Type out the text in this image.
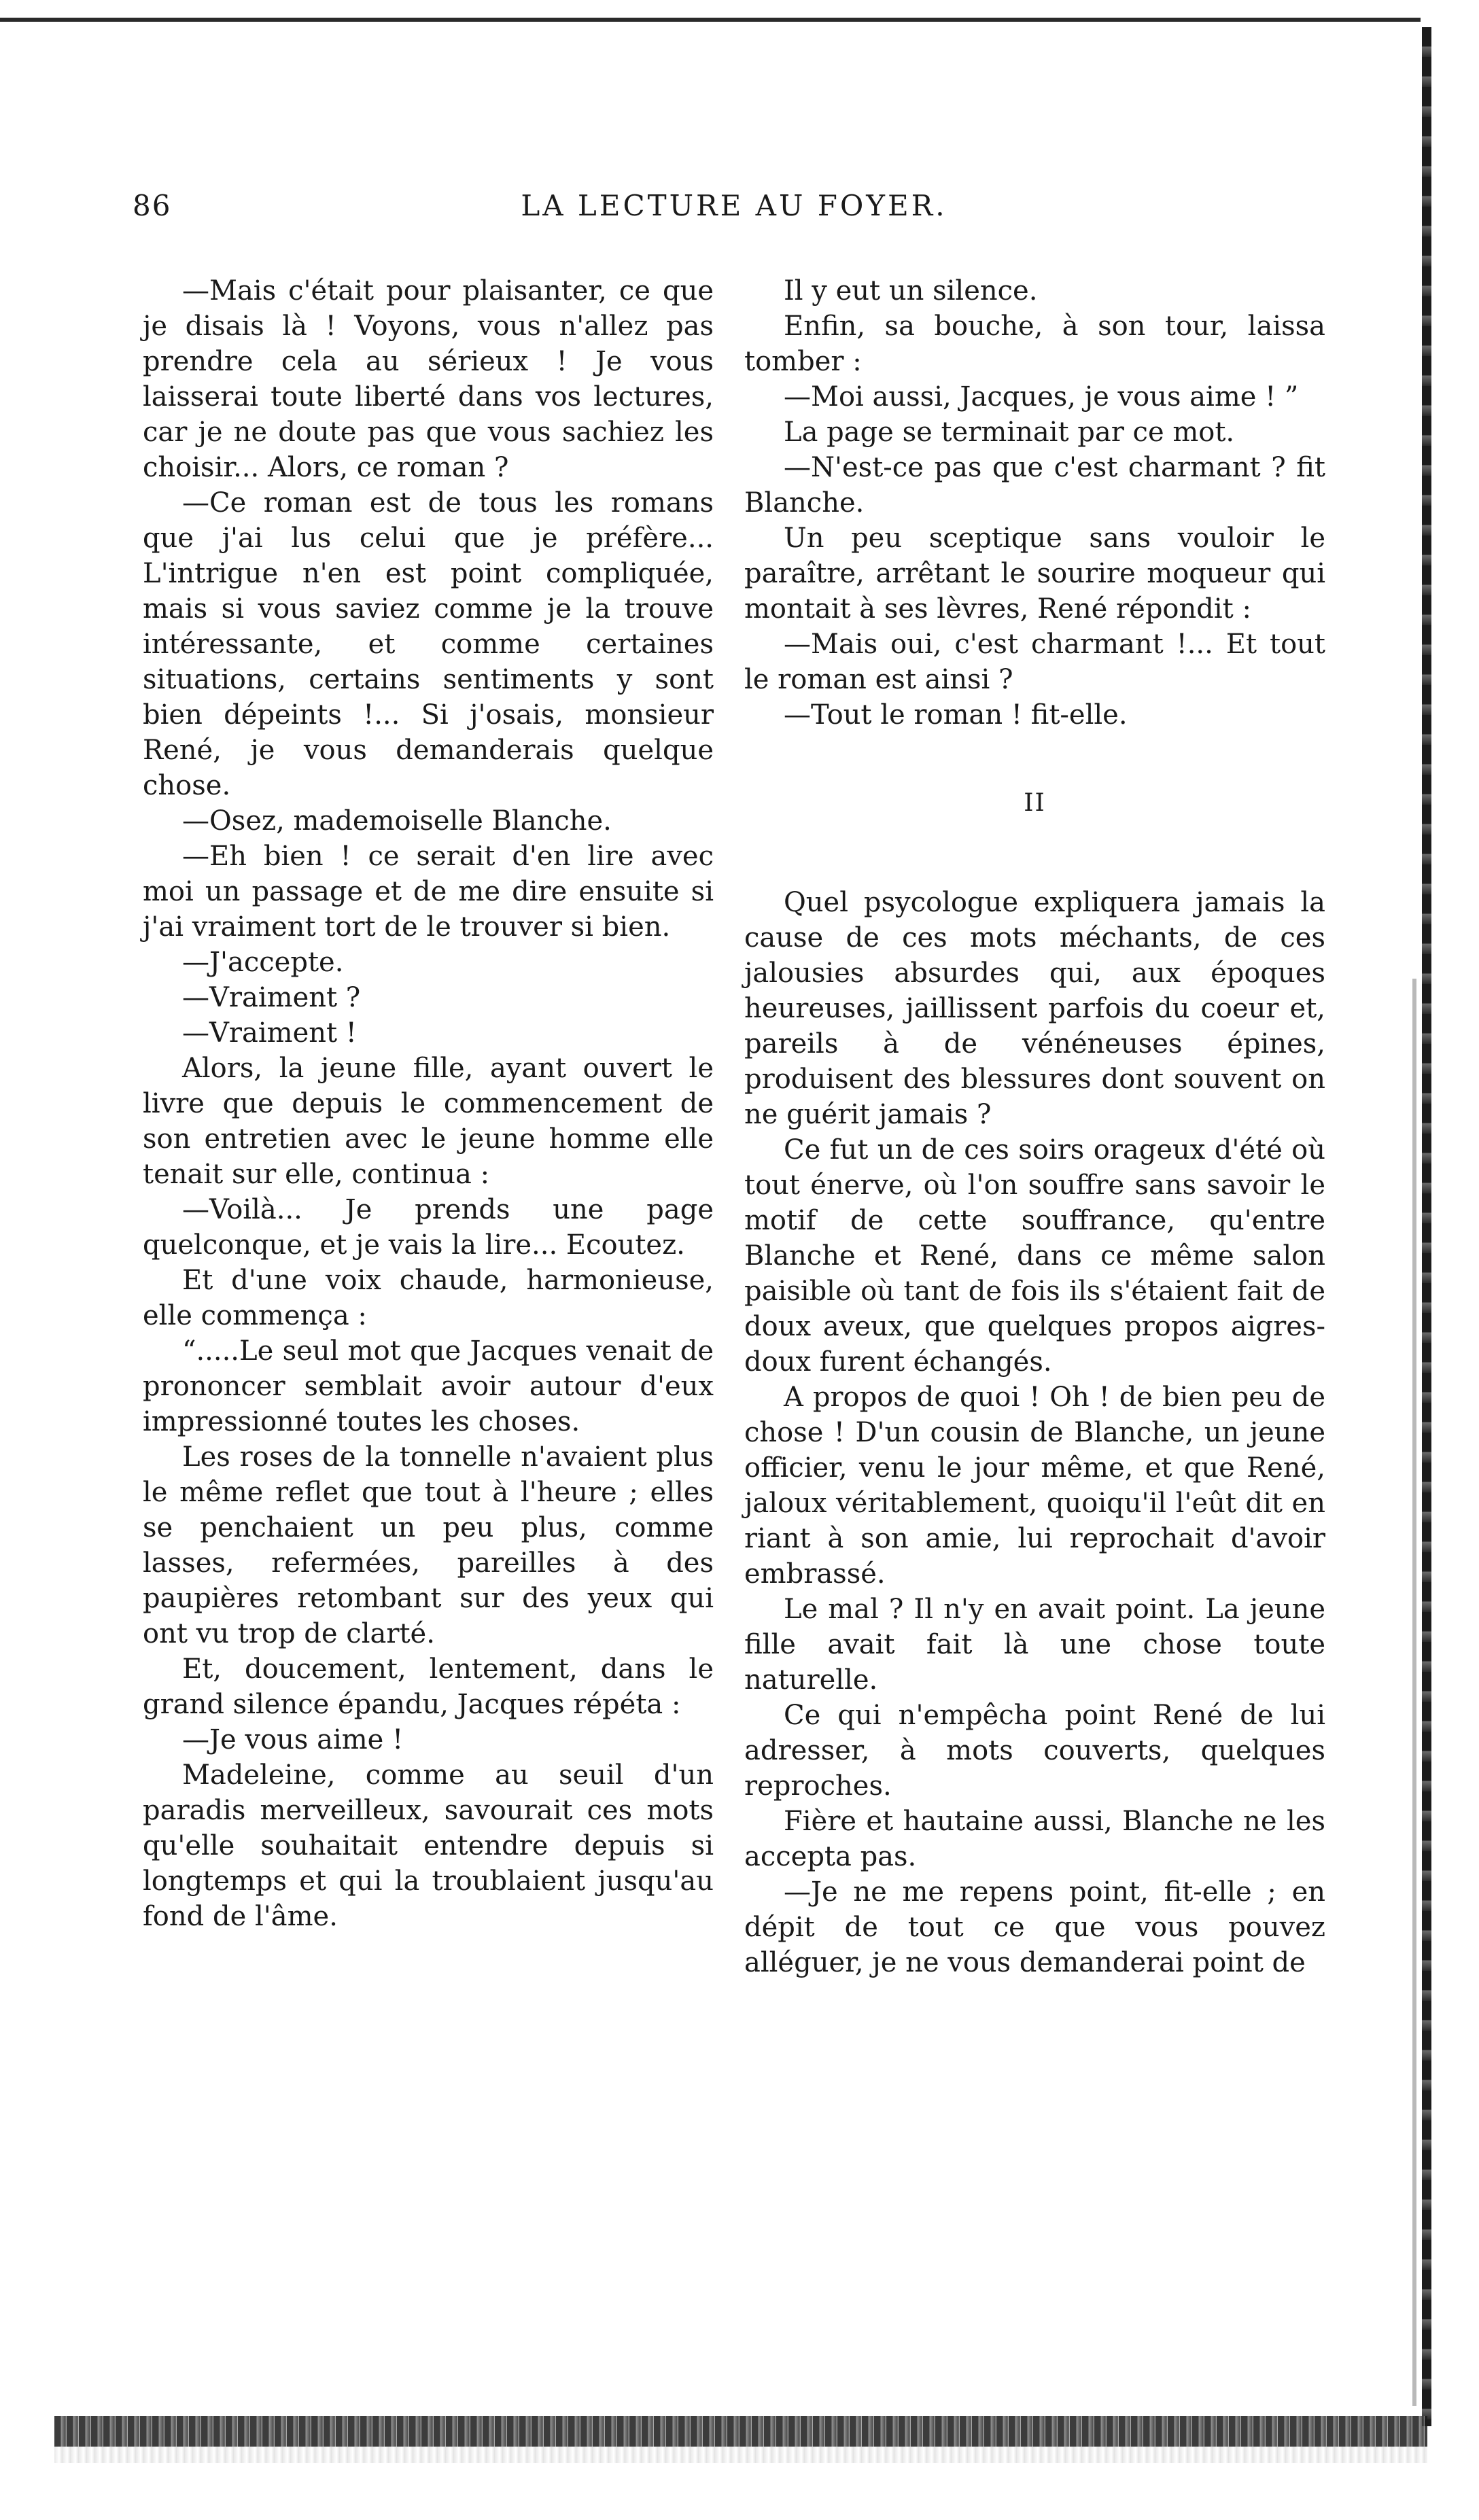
86	LA LECTURE AU FOYER.

—Mais c'était pour plaisanter, ce que je disais là ! Voyons, vous n'allez pas prendre cela au sérieux ! Je vous laisserai toute liberté dans vos lectures, car je ne doute pas que vous sachiez les choisir... Alors, ce roman ?

—Ce roman est de tous les romans que j'ai lus celui que je préfère... L'intrigue n'en est point compliquée, mais si vous saviez comme je la trouve intéressante, et comme certaines situations, certains sentiments y sont bien dépeints !... Si j'osais, monsieur René, je vous demanderais quelque chose.

—Osez, mademoiselle Blanche.

—Eh bien ! ce serait d'en lire avec moi un passage et de me dire ensuite si j'ai vraiment tort de le trouver si bien.

—J'accepte.

—Vraiment ?

—Vraiment !

Alors, la jeune fille, ayant ouvert le livre que depuis le commencement de son entretien avec le jeune homme elle tenait sur elle, continua :

—Voilà... Je prends une page quelconque, et je vais la lire... Ecoutez.

Et d'une voix chaude, harmonieuse, elle commença :

“.....Le seul mot que Jacques venait de prononcer semblait avoir autour d'eux impressionné toutes les choses.

Les roses de la tonnelle n'avaient plus le même reflet que tout à l'heure ; elles se penchaient un peu plus, comme lasses, refermées, pareilles à des paupières retombant sur des yeux qui ont vu trop de clarté.

Et, doucement, lentement, dans le grand silence épandu, Jacques répéta :

—Je vous aime !

Madeleine, comme au seuil d'un paradis merveilleux, savourait ces mots qu'elle souhaitait entendre depuis si longtemps et qui la troublaient jusqu'au fond de l'âme.

Il y eut un silence.

Enfin, sa bouche, à son tour, laissa tomber :

—Moi aussi, Jacques, je vous aime ! ”

La page se terminait par ce mot.

—N'est-ce pas que c'est charmant ? fit Blanche.

Un peu sceptique sans vouloir le paraître, arrêtant le sourire moqueur qui montait à ses lèvres, René répondit :

—Mais oui, c'est charmant !... Et tout le roman est ainsi ?

—Tout le roman ! fit-elle.

II

Quel psycologue expliquera jamais la cause de ces mots méchants, de ces jalousies absurdes qui, aux époques heureuses, jaillissent parfois du coeur et, pareils à de vénéneuses épines, produisent des blessures dont souvent on ne guérit jamais ?

Ce fut un de ces soirs orageux d'été où tout énerve, où l'on souffre sans savoir le motif de cette souffrance, qu'entre Blanche et René, dans ce même salon paisible où tant de fois ils s'étaient fait de doux aveux, que quelques propos aigres-doux furent échangés.

A propos de quoi ! Oh ! de bien peu de chose ! D'un cousin de Blanche, un jeune officier, venu le jour même, et que René, jaloux véritablement, quoiqu'il l'eût dit en riant à son amie, lui reprochait d'avoir embrassé.

Le mal ? Il n'y en avait point. La jeune fille avait fait là une chose toute naturelle.

Ce qui n'empêcha point René de lui adresser, à mots couverts, quelques reproches.

Fière et hautaine aussi, Blanche ne les accepta pas.

—Je ne me repens point, fit-elle ; en dépit de tout ce que vous pouvez alléguer, je ne vous demanderai point de
